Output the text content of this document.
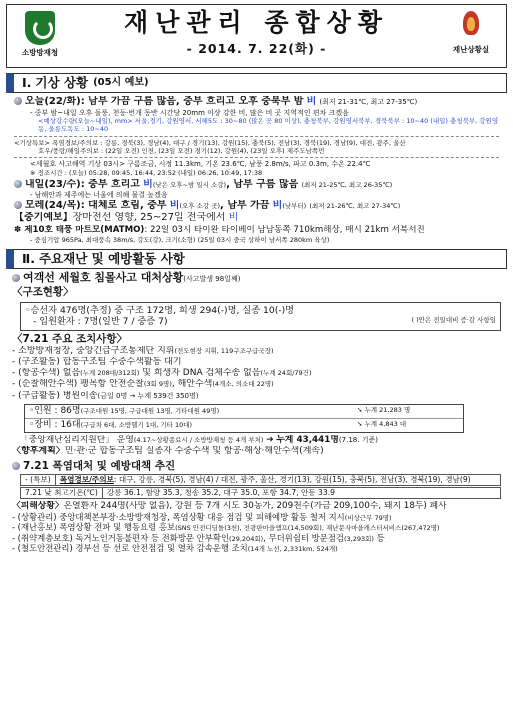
소방방재청
재난관리 종합상황
- 2014. 7. 22(화) -	재난상황실
Ⅰ. 기상 상황 (05시 예보)
오늘(22/화): 남부 가끔 구름 많음, 중부 흐리고 오후 중북부 밤 비 (최저 21-31℃, 최고 27-35℃)
- 중부 밤~내일 오후 돌풍, 천둥·번개 동반 시간당 20mm 이상 강한 비, 많은 비 곳 지역적인 편차 크겠음
<예상강수량(오늘~내일), mm> 서울,경기, 강원영서, 서해5도 : 30~80 (많은 곳 80 이상), 충청북부, 강원영서북부, 경북북부 : 10~40 (내일) 충청북부, 강원영동, 울릉도독도 : 10~40
<기상특보> 폭염경보/주의보 : 강릉, 경북(3), 경남(4), 대구 / 경기(13), 강원(15), 충북(5), 전남(3), 경북(19), 경남(9), 대전, 광주, 울산
호우/풍랑/해일주의보 : (22일 오전) 인천, (23일 오전) 경기(12), 강원(4), (23일 오후) 제주도남쪽먼
<세월호 사고해역 기상 03시> 구름조금, 시정 11.3km, 기온 23.6℃, 남풍 2.8m/s, 파고 0.3m, 수온 22.4℃
※ 정조시간 : (오늘) 05:28, 09:45, 16:44, 23:52 (내일) 06:26, 10:49, 17:38
내일(23/수): 중부 흐리고 비(낮은 오후~밤 일시 소강), 남부 구름 많음 (최저 21-25℃, 최고 26-35℃)
- 남해안과 제주에는 너울에 의해 물결 높겠음
모레(24/목): 대체로 흐림, 중부 비(오후 소강 곳), 남부 가끔 비(낮부터) (최저 21-26℃, 최고 27-34℃)
【중기예보】장마전선 영향, 25~27일 전국에서 비
✽ 제10호 태풍 마트모(MATMO): 22일 03시 타이완 타이베이 남남동쪽 710km해상, 매시 21km 서북서진
- 중심기압 965Pa, 최대풍속 38m/s, 강도(강), 크기(소형) (25일 03시 중국 상하이 남서쪽 280km 육상)
Ⅱ. 주요재난 및 예방활동 사항
여객선 세월호 침몰사고 대처상황(사고발생 98일째)
〈구조현황〉
◦승선자 476명(추정) 중 구조 172명, 희생 294(-)명, 실종 10(-)명
- 입원환자 : 7명(일반 7 / 중증 7)	( )안은 전일대비 증·감 사항임
〈7.21 주요 조치사항〉
- 소방방재청장, 중앙긴급구조통제단 지휘(전도현장 지휘, 119구조구급국장)
- (구조활동) 합동구조팀 수중수색활동 대기
- (항공수색) 없음(누계 208대/312회) 및 희생자 DNA 검체수송 없음(누계 24회/79건)
- (순찰해안수색) 팽목항 안전순찰(3회 9명), 해안수색(4개소, 의소대 22명)
- (구급활동) 병원이송(금일 0명 → 누계 539건 350명)
◦인원 : 86명(구조대원 15명, 구급대원 13명, 기타대원 49명)	➘ 누계 21,283 명
◦장비 : 16대(구급차 6대, 소방헬기 1대, 기타 10대)	➘ 누계 4,843 대
「중앙재난심리지원단」 운영(4.17~상황종료시 / 소방방재청 등 4개 부처) ➔ 누계 43,441명(7.18. 기준)
〈향후계획〉민·관·군 합동구조팀 실종자 수중수색 및 항공·해상·해안수색(계속)
7.21 폭염대처 및 예방대책 추진
- (특보)	폭염경보/주의보: 대구, 강릉, 경북(5), 경남(4) / 대전, 광주, 울산, 경기(13), 강원(15), 충북(5), 전남(3), 경북(19), 경남(9)
7.21 낮 최고기온(℃)	강릉 36.1, 함양 35.3, 청송 35.2, 대구 35.0, 포항 34.7, 안동 33.9
〈피해상황〉온열환자 244명(사망 없음), 강원 등 7개 시도 30농가, 209천수(가금 209,100수, 돼지 18두) 폐사
- (상황관리) 중앙대책본부장·소방방재청장, 폭염상황 대응 점검 및 피해예방 활동 철저 지시(비상근무 79명)
- (재난홍보) 폭염상황 전파 및 행동요령 홍보(SNS 안전디딤돌(3천), 전광판마을앰프(14,509회), 재난문자마을캐스터서비스(267,472명)
- (취약계층보호) 독거노인거동불편자 등 전화방문 안부확인(29,204회), 무더위쉼터 방문점검(3,293회) 등
- (철도안전관리) 경부선 등 선로 안전점검 및 열차 감속운행 조치(14개 노선, 2,331km, 524개)
